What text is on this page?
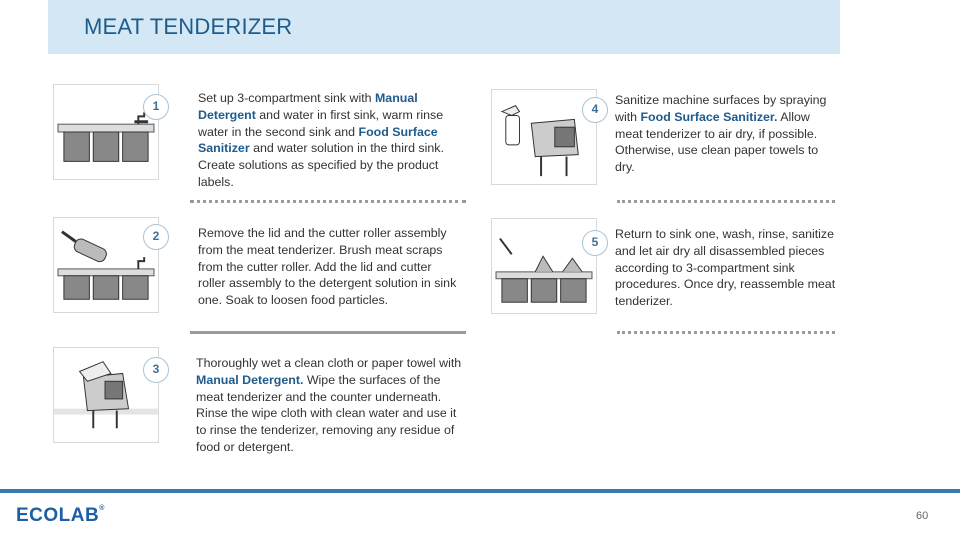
MEAT TENDERIZER
1
Set up 3-compartment sink with Manual Detergent and water in first sink, warm rinse water in the second sink and Food Surface Sanitizer and water solution in the third sink. Create solutions as specified by the product labels.
2	Remove the lid and the cutter roller assembly from the meat tenderizer. Brush meat scraps from the cutter roller. Add the lid and cutter roller assembly to the detergent solution in sink one. Soak to loosen food particles.
3	Thoroughly wet a clean cloth or paper towel with Manual Detergent. Wipe the surfaces of the meat tenderizer and the counter underneath. Rinse the wipe cloth with clean water and use it to rinse the tenderizer, removing any residue of food or detergent.
4
Sanitize machine surfaces by spraying with Food Surface Sanitizer. Allow meat tenderizer to air dry, if possible. Otherwise, use clean paper towels to dry.
5
Return to sink one, wash, rinse, sanitize and let air dry all disassembled pieces according to 3-compartment sink procedures. Once dry, reassemble meat tenderizer.
ECOLAB®
60
